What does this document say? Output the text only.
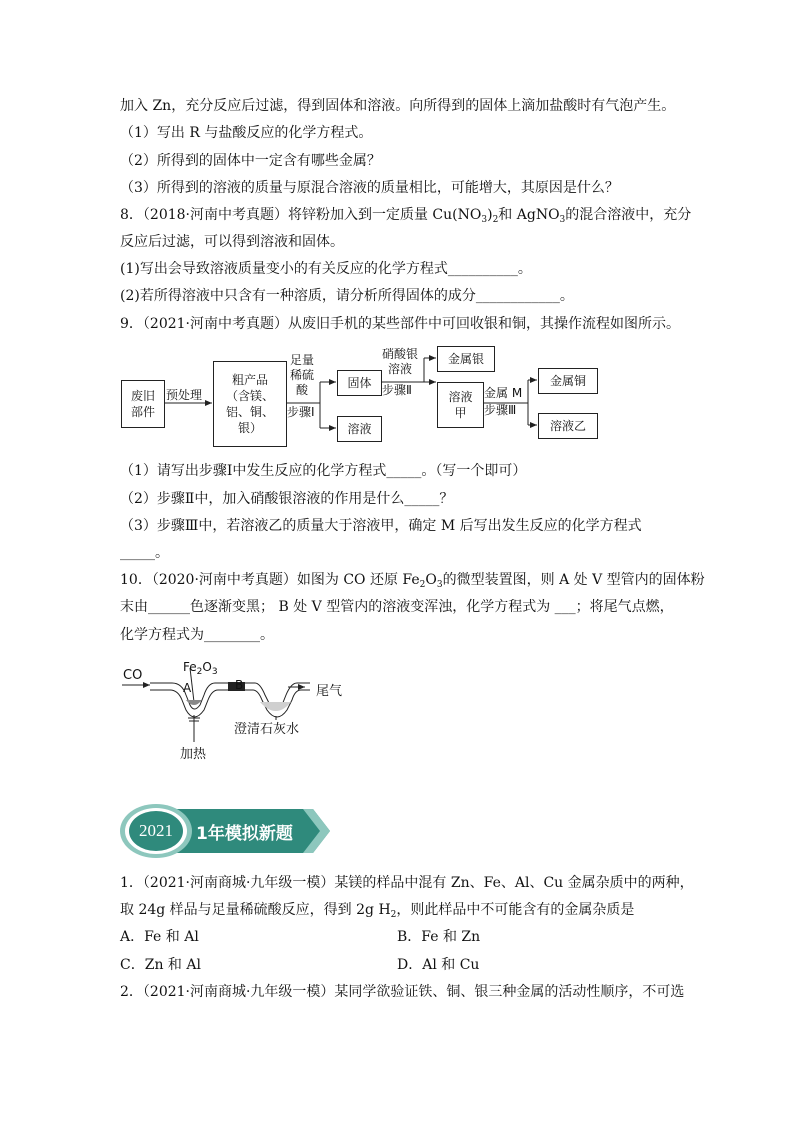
加入 Zn，充分反应后过滤，得到固体和溶液。向所得到的固体上滴加盐酸时有气泡产生。
（1）写出 R 与盐酸反应的化学方程式。
（2）所得到的固体中一定含有哪些金属？
（3）所得到的溶液的质量与原混合溶液的质量相比，可能增大，其原因是什么？
8．（2018·河南中考真题）将锌粉加入到一定质量 $Cu(NO_3)_2$和 AgNO$_3$的混合溶液中，充分
反应后过滤，可以得到溶液和固体。
(1)写出会导致溶液质量变小的有关反应的化学方程式__________。
(2)若所得溶液中只含有一种溶质，请分析所得固体的成分____________。
9．（2021·河南中考真题）从废旧手机的某些部件中可回收银和铜，其操作流程如图所示。
废旧部件
预处理
粗产品（含镁、铝、铜、银）
足量稀硫酸
步骤Ⅰ
固体
溶液
硝酸银溶液
步骤Ⅱ
金属银
溶液甲
金属 M
步骤Ⅲ
金属铜
溶液乙
（1）请写出步骤Ⅰ中发生反应的化学方程式_____。（写一个即可）
（2）步骤Ⅱ中，加入硝酸银溶液的作用是什么_____？
（3）步骤Ⅲ中，若溶液乙的质量大于溶液甲，确定 M 后写出发生反应的化学方程式
_____。
10．（2020·河南中考真题）如图为 CO 还原 $Fe_2O_3$的微型装置图，则 A 处 V 型管内的固体粉
末由______色逐渐变黑； B 处 V 型管内的溶液变浑浊，化学方程式为 ___；将尾气点燃，
化学方程式为________。
CO
$Fe_2O_3$
A	B	尾气
澄清石灰水
加热
2021	1年模拟新题
1．（2021·河南商城·九年级一模）某镁的样品中混有 Zn、Fe、Al、Cu 金属杂质中的两种，
取 24g 样品与足量稀硫酸反应，得到 2g $H_2$，则此样品中不可能含有的金属杂质是
A．Fe 和 Al	B．Fe 和 Zn
C．Zn 和 Al	D．Al 和 Cu
2．（2021·河南商城·九年级一模）某同学欲验证铁、铜、银三种金属的活动性顺序，不可选
